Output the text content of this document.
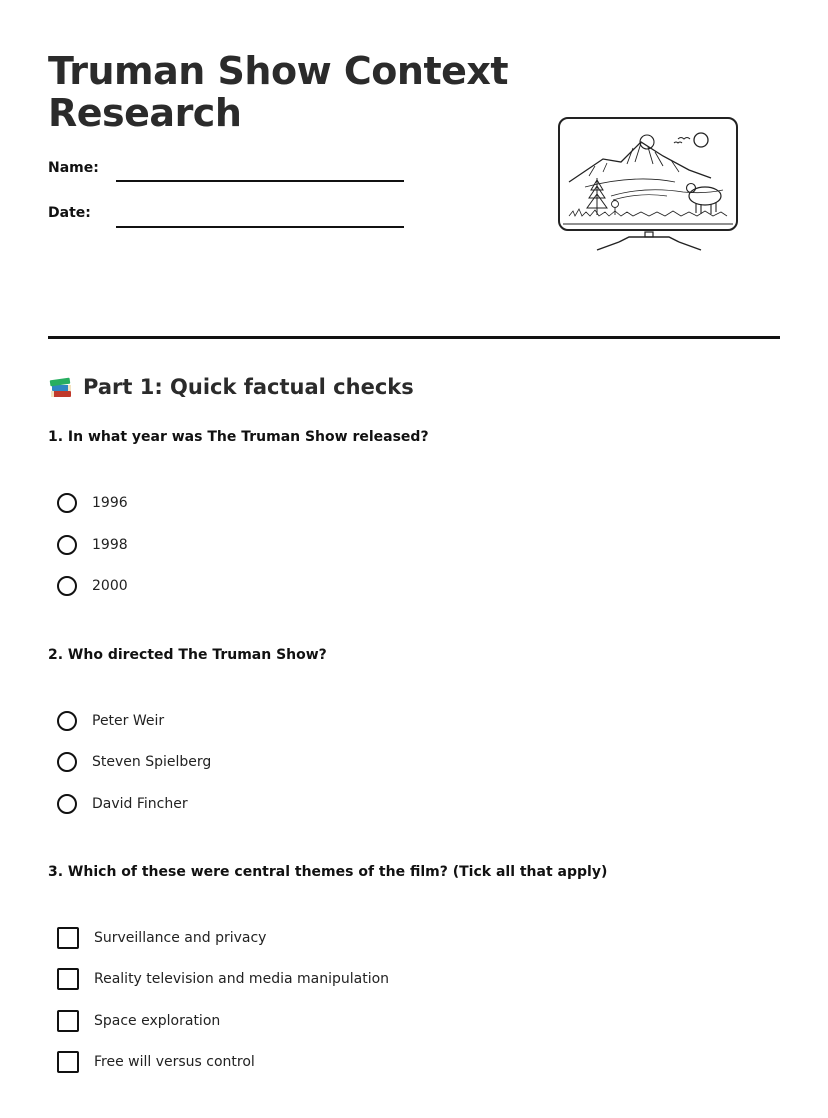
Truman Show Context Research
Name:
Date:
Part 1: Quick factual checks

1. In what year was The Truman Show released?

1996
1998
2000

2. Who directed The Truman Show?

Peter Weir
Steven Spielberg
David Fincher

3. Which of these were central themes of the film? (Tick all that apply)

Surveillance and privacy
Reality television and media manipulation
Space exploration
Free will versus control
